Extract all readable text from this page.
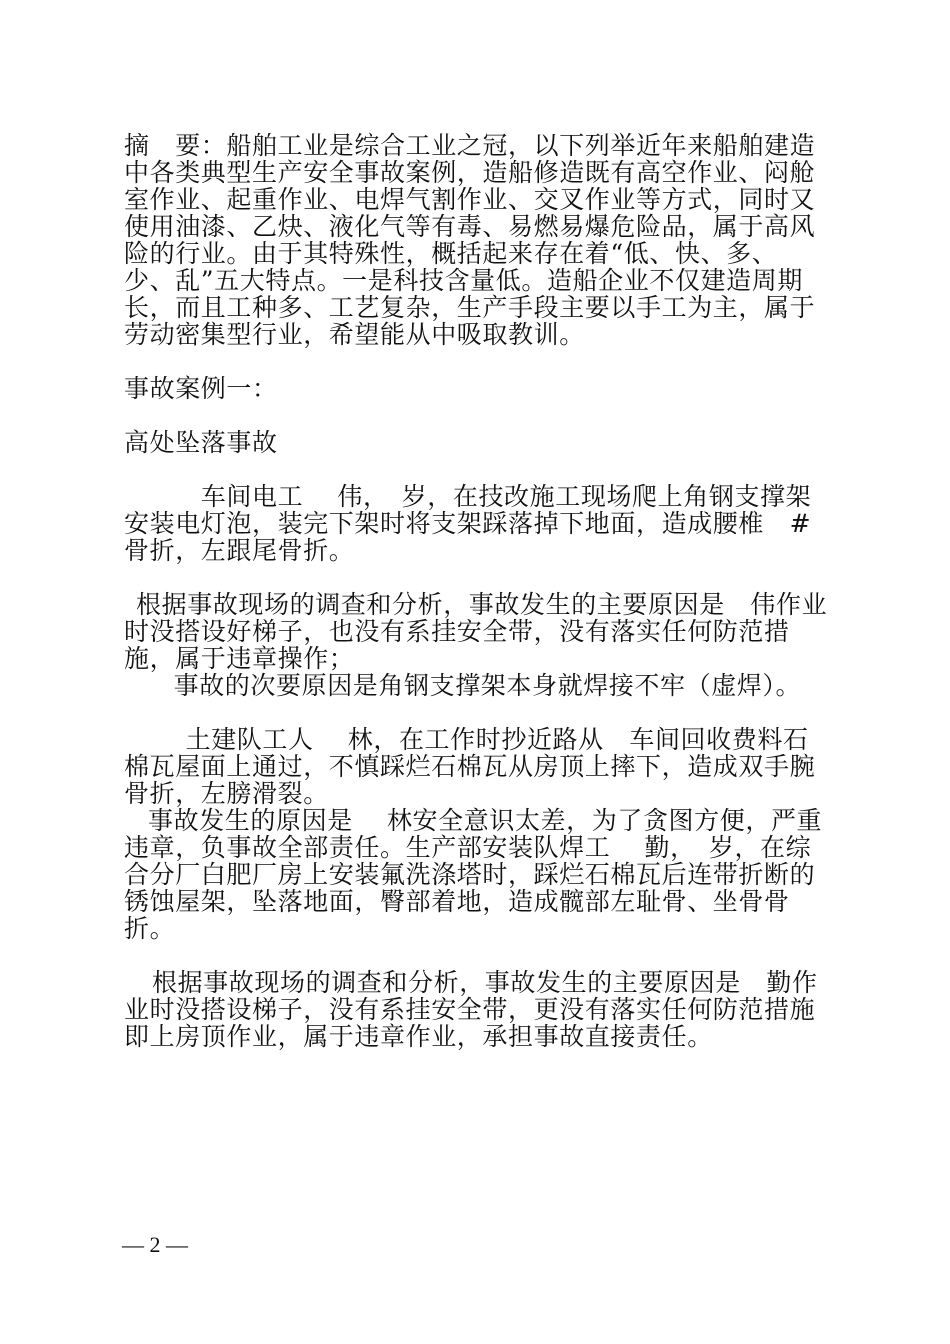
摘　要：船舶工业是综合工业之冠，以下列举近年来船舶建造中各类典型生产安全事故案例，造船修造既有高空作业、闷舱室作业、起重作业、电焊气割作业、交叉作业等方式，同时又使用油漆、乙炔、液化气等有毒、易燃易爆危险品，属于高风险的行业。由于其特殊性，概括起来存在着“低、快、多、少、乱”五大特点。一是科技含量低。造船企业不仅建造周期长，而且工种多、工艺复杂，生产手段主要以手工为主，属于劳动密集型行业，希望能从中吸取教训。

事故案例一：

高处坠落事故

　　　车间电工　 伟，　岁，在技改施工现场爬上角钢支撑架安装电灯泡，装完下架时将支架踩落掉下地面，造成腰椎　#骨折，左跟尾骨折。

根据事故现场的调查和分析，事故发生的主要原因是　伟作业时没搭设好梯子，也没有系挂安全带，没有落实任何防范措施，属于违章操作；

　事故的次要原因是角钢支撑架本身就焊接不牢（虚焊）。

　土建队工人　 林，在工作时抄近路从　车间回收费料石棉瓦屋面上通过，不慎踩烂石棉瓦从房顶上摔下，造成双手腕骨折，左膀滑裂。

事故发生的原因是　 林安全意识太差，为了贪图方便，严重违章，负事故全部责任。生产部安装队焊工　 勤，　岁，在综合分厂白肥厂房上安装氟洗涤塔时，踩烂石棉瓦后连带折断的锈蚀屋架，坠落地面，臀部着地，造成髋部左耻骨、坐骨骨折。

根据事故现场的调查和分析，事故发生的主要原因是　勤作业时没搭设梯子，没有系挂安全带，更没有落实任何防范措施即上房顶作业，属于违章作业，承担事故直接责任。

— 2 —
